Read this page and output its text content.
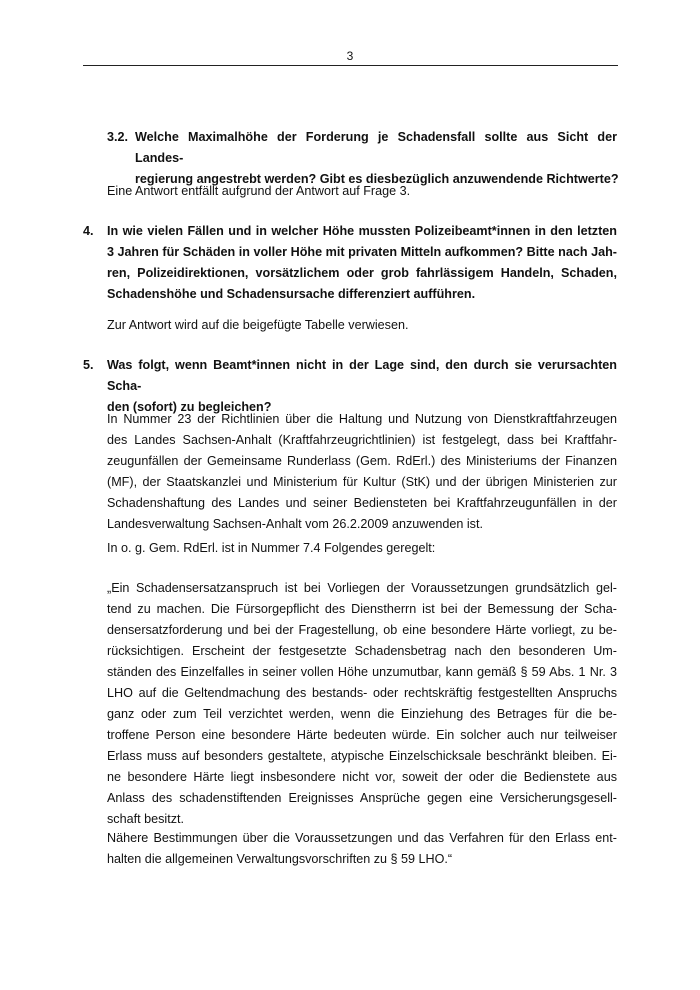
3
3.2. Welche Maximalhöhe der Forderung je Schadensfall sollte aus Sicht der Landes-
regierung angestrebt werden? Gibt es diesbezüglich anzuwendende Richtwerte?
Eine Antwort entfällt aufgrund der Antwort auf Frage 3.
4. In wie vielen Fällen und in welcher Höhe mussten Polizeibeamt*innen in den letzten
3 Jahren für Schäden in voller Höhe mit privaten Mitteln aufkommen? Bitte nach Jah-
ren, Polizeidirektionen, vorsätzlichem oder grob fahrlässigem Handeln, Schaden,
Schadenshöhe und Schadensursache differenziert aufführen.
Zur Antwort wird auf die beigefügte Tabelle verwiesen.
5. Was folgt, wenn Beamt*innen nicht in der Lage sind, den durch sie verursachten Scha-
den (sofort) zu begleichen?
In Nummer 23 der Richtlinien über die Haltung und Nutzung von Dienstkraftfahrzeugen
des Landes Sachsen-Anhalt (Kraftfahrzeugrichtlinien) ist festgelegt, dass bei Kraftfahr-
zeugunfällen der Gemeinsame Runderlass (Gem. RdErl.) des Ministeriums der Finanzen
(MF), der Staatskanzlei und Ministerium für Kultur (StK) und der übrigen Ministerien zur
Schadenshaftung des Landes und seiner Bediensteten bei Kraftfahrzeugunfällen in der
Landesverwaltung Sachsen-Anhalt vom 26.2.2009 anzuwenden ist.
In o. g. Gem. RdErl. ist in Nummer 7.4 Folgendes geregelt:
„Ein Schadensersatzanspruch ist bei Vorliegen der Voraussetzungen grundsätzlich gel-
tend zu machen. Die Fürsorgepflicht des Dienstherrn ist bei der Bemessung der Scha-
densersatzforderung und bei der Fragestellung, ob eine besondere Härte vorliegt, zu be-
rücksichtigen. Erscheint der festgesetzte Schadensbetrag nach den besonderen Um-
ständen des Einzelfalles in seiner vollen Höhe unzumutbar, kann gemäß § 59 Abs. 1 Nr. 3
LHO auf die Geltendmachung des bestands- oder rechtskräftig festgestellten Anspruchs
ganz oder zum Teil verzichtet werden, wenn die Einziehung des Betrages für die be-
troffene Person eine besondere Härte bedeuten würde. Ein solcher auch nur teilweiser
Erlass muss auf besonders gestaltete, atypische Einzelschicksale beschränkt bleiben. Ei-
ne besondere Härte liegt insbesondere nicht vor, soweit der oder die Bedienstete aus
Anlass des schadenstiftenden Ereignisses Ansprüche gegen eine Versicherungsgesell-
schaft besitzt.
Nähere Bestimmungen über die Voraussetzungen und das Verfahren für den Erlass ent-
halten die allgemeinen Verwaltungsvorschriften zu § 59 LHO.“
